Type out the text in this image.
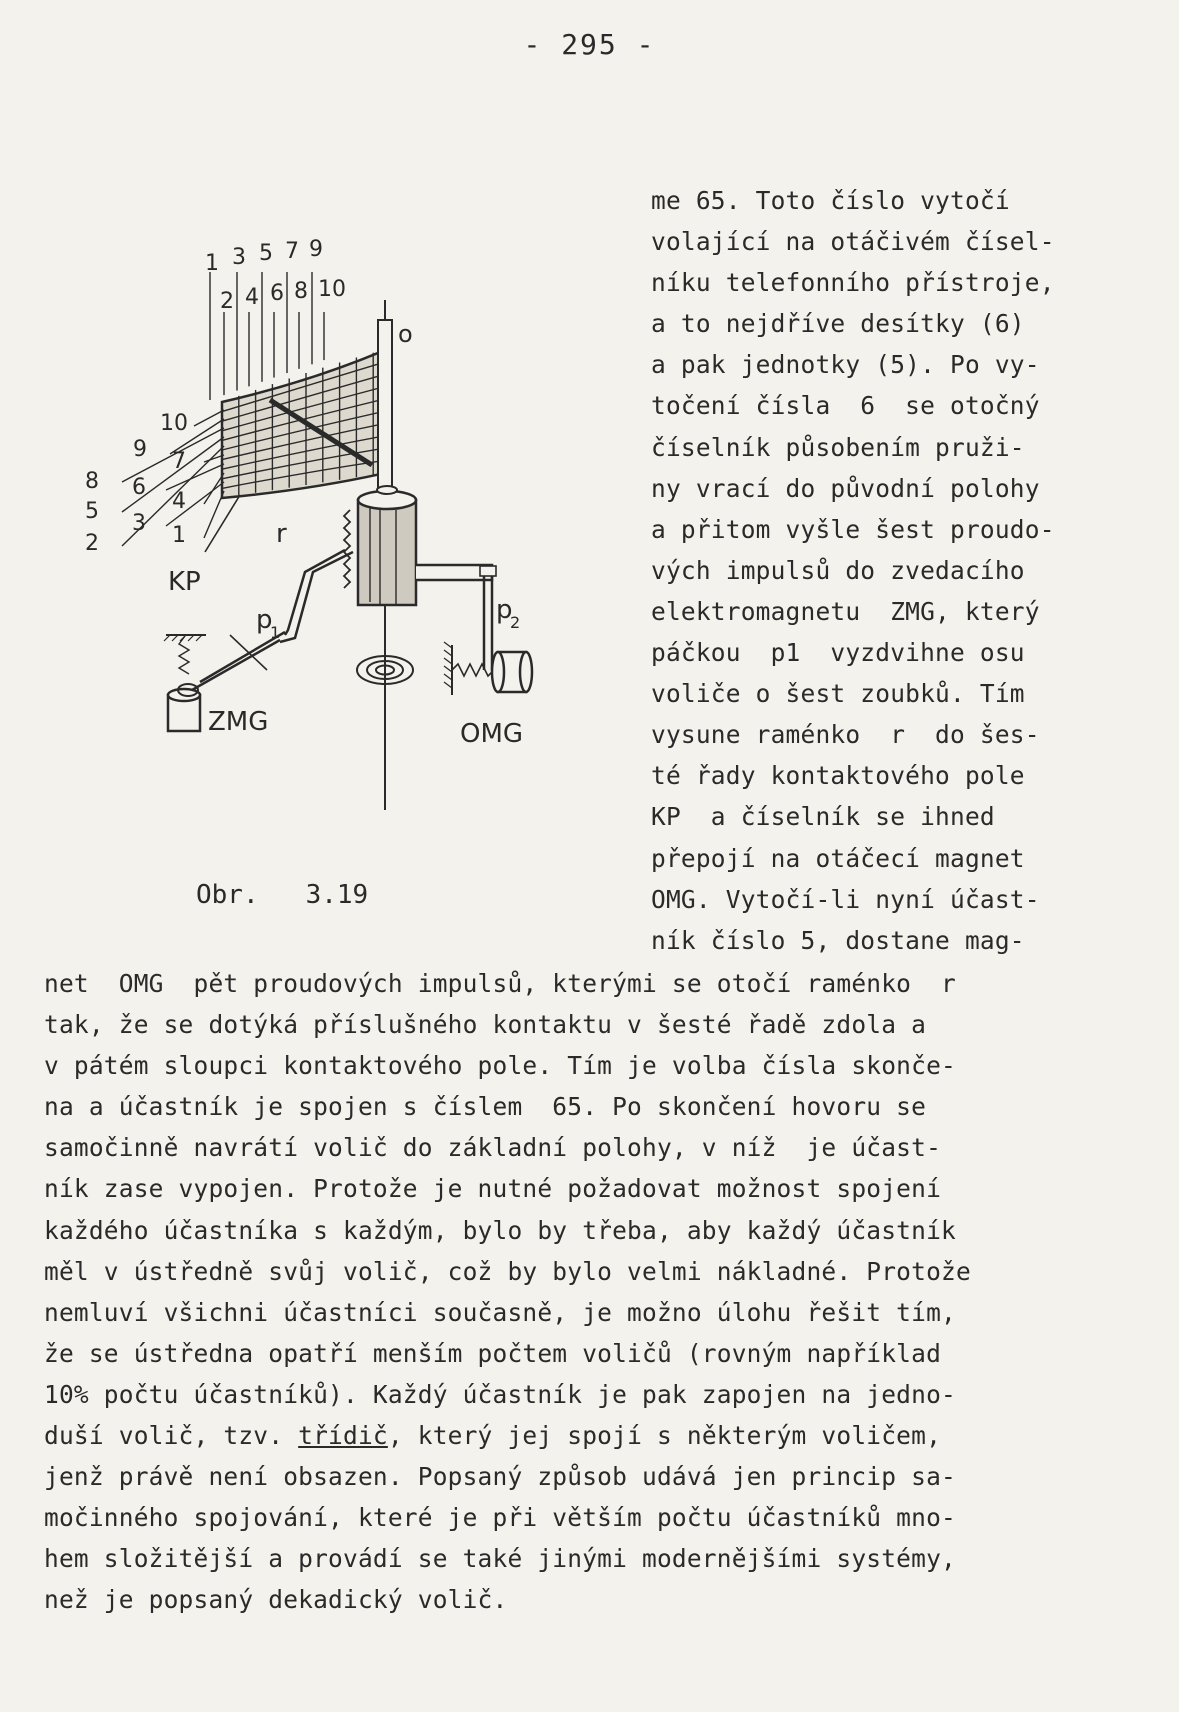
- 295 -
1 3 5 7 9
2 4 6 8 10
10
9
8
5
2
7
6
4
3 1
o
r
KP
p
1
p
2
ZMG	OMG
Obr.   3.19
me 65. Toto číslo vytočí
volající na otáčivém čísel-
níku telefonního přístroje,
a to nejdříve desítky (6)
a pak jednotky (5). Po vy-
točení čísla  6  se otočný
číselník působením pruži-
ny vrací do původní polohy
a přitom vyšle šest proudo-
vých impulsů do zvedacího
elektromagnetu  ZMG, který
páčkou  p1  vyzdvihne osu
voliče o šest zoubků. Tím
vysune raménko  r  do šes-
té řady kontaktového pole
KP  a číselník se ihned
přepojí na otáčecí magnet
OMG. Vytočí-li nyní účast-
ník číslo 5, dostane mag-
net  OMG  pět proudových impulsů, kterými se otočí raménko  r
tak, že se dotýká příslušného kontaktu v šesté řadě zdola a
v pátém sloupci kontaktového pole. Tím je volba čísla skonče-
na a účastník je spojen s číslem  65. Po skončení hovoru se
samočinně navrátí volič do základní polohy, v níž  je účast-
ník zase vypojen. Protože je nutné požadovat možnost spojení
každého účastníka s každým, bylo by třeba, aby každý účastník
měl v ústředně svůj volič, což by bylo velmi nákladné. Protože
nemluví všichni účastníci současně, je možno úlohu řešit tím,
že se ústředna opatří menším počtem voličů (rovným například
10% počtu účastníků). Každý účastník je pak zapojen na jedno-
duší volič, tzv. třídič, který jej spojí s některým voličem,
jenž právě není obsazen. Popsaný způsob udává jen princip sa-
močinného spojování, které je při větším počtu účastníků mno-
hem složitější a provádí se také jinými modernějšími systémy,
než je popsaný dekadický volič.
